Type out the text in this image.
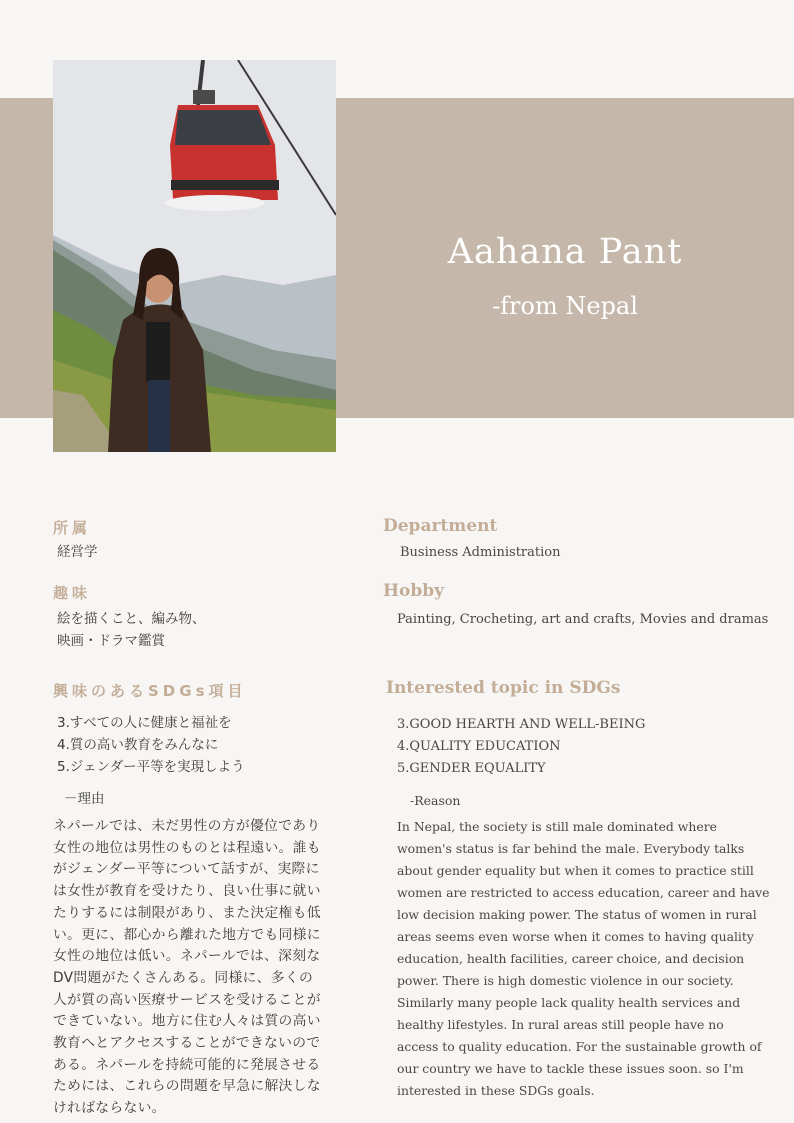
Aahana Pant
-from Nepal
所属
経営学
Department
Business Administration
趣味
絵を描くこと、編み物、
映画・ドラマ鑑賞
Hobby
Painting, Crocheting, art and crafts, Movies and dramas
興味のあるSDGs項目
3.すべての人に健康と福祉を
4.質の高い教育をみんなに
5.ジェンダー平等を実現しよう
Interested topic in SDGs
3.GOOD HEARTH AND WELL-BEING
4.QUALITY EDUCATION
5.GENDER EQUALITY
－理由	-Reason
ネパールでは、未だ男性の方が優位であり
女性の地位は男性のものとは程遠い。誰も
がジェンダー平等について話すが、実際に
は女性が教育を受けたり、良い仕事に就い
たりするには制限があり、また決定権も低
い。更に、都心から離れた地方でも同様に
女性の地位は低い。ネパールでは、深刻な
DV問題がたくさんある。同様に、多くの
人が質の高い医療サービスを受けることが
できていない。地方に住む人々は質の高い
教育へとアクセスすることができないので
ある。ネパールを持続可能的に発展させる
ためには、これらの問題を早急に解決しな
ければならない。
In Nepal, the society is still male dominated where
women's status is far behind the male. Everybody talks
about gender equality but when it comes to practice still
women are restricted to access education, career and have
low decision making power. The status of women in rural
areas seems even worse when it comes to having quality
education, health facilities, career choice, and decision
power. There is high domestic violence in our society.
Similarly many people lack quality health services and
healthy lifestyles. In rural areas still people have no
access to quality education. For the sustainable growth of
our country we have to tackle these issues soon. so I'm
interested in these SDGs goals.
